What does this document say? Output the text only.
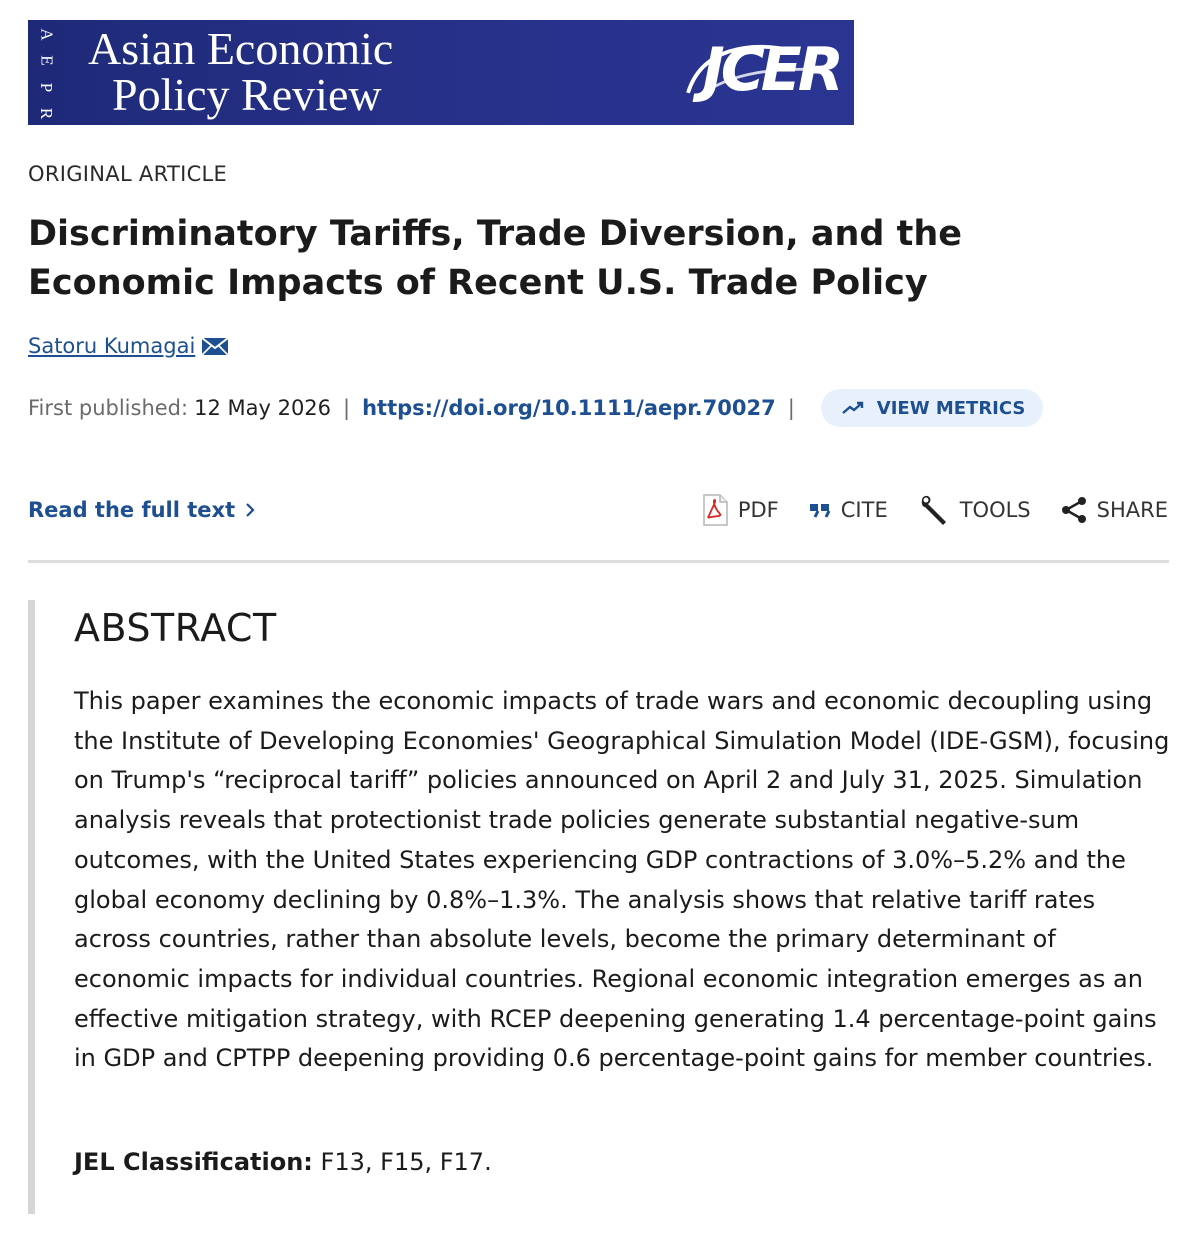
A
E
P
R
Asian Economic
Policy Review	JCER
ORIGINAL ARTICLE
Discriminatory Tariffs, Trade Diversion, and the Economic Impacts of Recent U.S. Trade Policy
Satoru Kumagai
First published: 12 May 2026 | https://doi.org/10.1111/aepr.70027 |	VIEW METRICS
Read the full text	PDF	CITE	TOOLS	SHARE
ABSTRACT

This paper examines the economic impacts of trade wars and economic decoupling using the Institute of Developing Economies' Geographical Simulation Model (IDE-GSM), focusing on Trump's “reciprocal tariff” policies announced on April 2 and July 31, 2025. Simulation analysis reveals that protectionist trade policies generate substantial negative-sum outcomes, with the United States experiencing GDP contractions of 3.0%–5.2% and the global economy declining by 0.8%–1.3%. The analysis shows that relative tariff rates across countries, rather than absolute levels, become the primary determinant of economic impacts for individual countries. Regional economic integration emerges as an effective mitigation strategy, with RCEP deepening generating 1.4 percentage-point gains in GDP and CPTPP deepening providing 0.6 percentage-point gains for member countries.

JEL Classification: F13, F15, F17.
